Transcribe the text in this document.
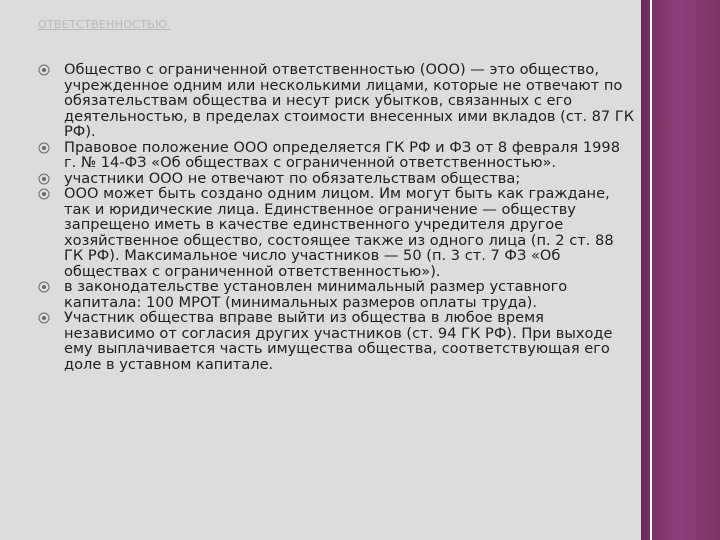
ОТВЕТСТВЕННОСТЬЮ.
Общество с ограниченной ответственностью (ООО) — это общество, учрежденное одним или несколькими лицами, которые не отвечают по обязательствам общества и несут риск убытков, связанных с его деятельностью, в пределах стоимости внесенных ими вкладов (ст. 87 ГК РФ).
Правовое положение ООО определяется ГК РФ и ФЗ от 8 февраля 1998 г. № 14-ФЗ «Об обществах с ограниченной ответственностью».
участники ООО не отвечают по обязательствам общества;
ООО может быть создано одним лицом. Им могут быть как граждане, так и юридические лица. Единственное ограничение — обществу запрещено иметь в качестве единственного учредителя другое хозяйственное общество, состоящее также из одного лица (п. 2 ст. 88 ГК РФ). Максимальное число участников — 50 (п. 3 ст. 7 ФЗ «Об обществах с ограниченной ответственностью»).
в законодательстве установлен минимальный размер уставного капитала: 100 МРОТ (минимальных размеров оплаты труда).
Участник общества вправе выйти из общества в любое время независимо от согласия других участников (ст. 94 ГК РФ). При выходе ему выплачивается часть имущества общества, соответствующая его доле в уставном капитале.
